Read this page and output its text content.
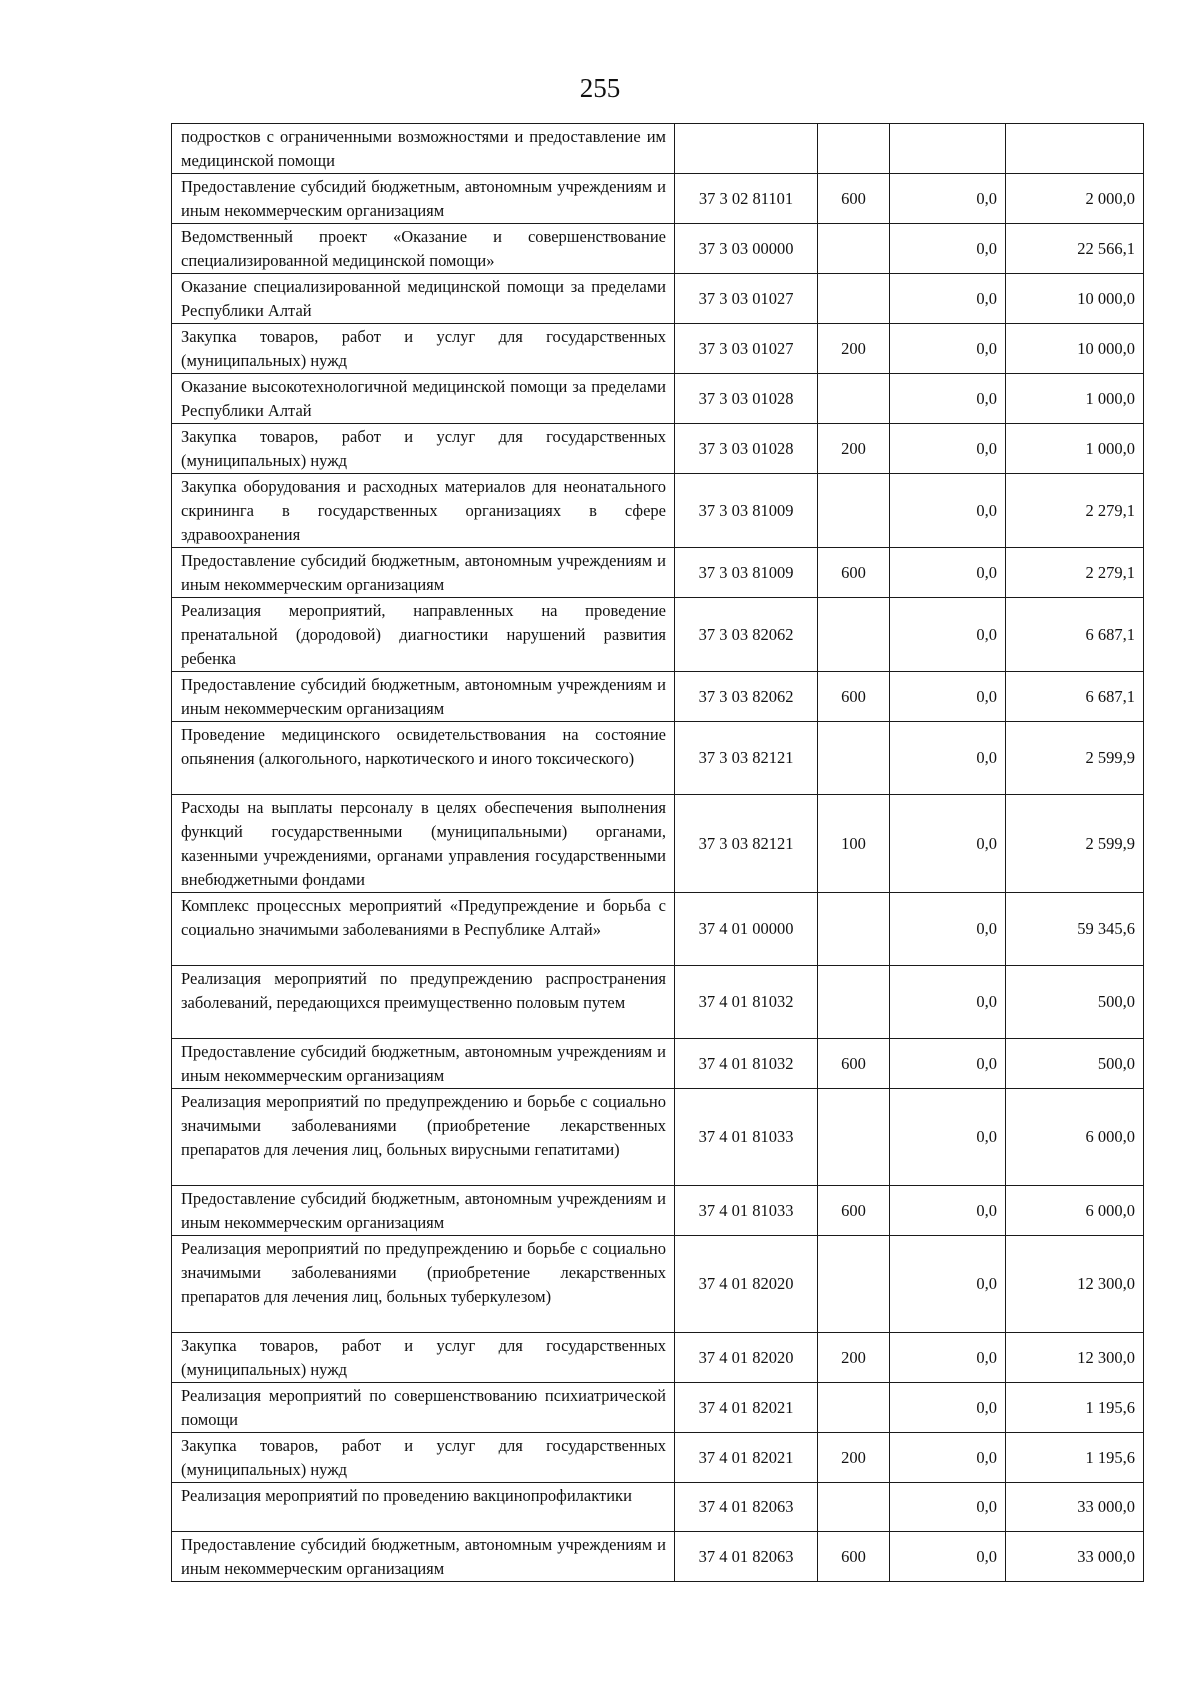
255
подростков с ограниченными возможностями и предоставление им медицинской помощи				
Предоставление субсидий бюджетным, автономным учреждениям и иным некоммерческим организациям	37 3 02 81101	600	0,0	2 000,0
Ведомственный проект «Оказание и совершенствование специализированной медицинской помощи»	37 3 03 00000		0,0	22 566,1
Оказание специализированной медицинской помощи за пределами Республики Алтай	37 3 03 01027		0,0	10 000,0
Закупка товаров, работ и услуг для государственных (муниципальных) нужд	37 3 03 01027	200	0,0	10 000,0
Оказание высокотехнологичной медицинской помощи за пределами Республики Алтай	37 3 03 01028		0,0	1 000,0
Закупка товаров, работ и услуг для государственных (муниципальных) нужд	37 3 03 01028	200	0,0	1 000,0
Закупка оборудования и расходных материалов для неонатального скрининга в государственных организациях в сфере здравоохранения	37 3 03 81009		0,0	2 279,1
Предоставление субсидий бюджетным, автономным учреждениям и иным некоммерческим организациям	37 3 03 81009	600	0,0	2 279,1
Реализация мероприятий, направленных на проведение пренатальной (дородовой) диагностики нарушений развития ребенка	37 3 03 82062		0,0	6 687,1
Предоставление субсидий бюджетным, автономным учреждениям и иным некоммерческим организациям	37 3 03 82062	600	0,0	6 687,1
Проведение медицинского освидетельствования на состояние опьянения (алкогольного, наркотического и иного токсического)	37 3 03 82121		0,0	2 599,9
Расходы на выплаты персоналу в целях обеспечения выполнения функций государственными (муниципальными) органами, казенными учреждениями, органами управления государственными внебюджетными фондами	37 3 03 82121	100	0,0	2 599,9
Комплекс процессных мероприятий «Предупреждение и борьба с социально значимыми заболеваниями в Республике Алтай»	37 4 01 00000		0,0	59 345,6
Реализация мероприятий по предупреждению распространения заболеваний, передающихся преимущественно половым путем	37 4 01 81032		0,0	500,0
Предоставление субсидий бюджетным, автономным учреждениям и иным некоммерческим организациям	37 4 01 81032	600	0,0	500,0
Реализация мероприятий по предупреждению и борьбе с социально значимыми заболеваниями (приобретение лекарственных препаратов для лечения лиц, больных вирусными гепатитами)	37 4 01 81033		0,0	6 000,0
Предоставление субсидий бюджетным, автономным учреждениям и иным некоммерческим организациям	37 4 01 81033	600	0,0	6 000,0
Реализация мероприятий по предупреждению и борьбе с социально значимыми заболеваниями (приобретение лекарственных препаратов для лечения лиц, больных туберкулезом)	37 4 01 82020		0,0	12 300,0
Закупка товаров, работ и услуг для государственных (муниципальных) нужд	37 4 01 82020	200	0,0	12 300,0
Реализация мероприятий по совершенствованию психиатрической помощи	37 4 01 82021		0,0	1 195,6
Закупка товаров, работ и услуг для государственных (муниципальных) нужд	37 4 01 82021	200	0,0	1 195,6
Реализация мероприятий по проведению вакцинопрофилактики	37 4 01 82063		0,0	33 000,0
Предоставление субсидий бюджетным, автономным учреждениям и иным некоммерческим организациям	37 4 01 82063	600	0,0	33 000,0
